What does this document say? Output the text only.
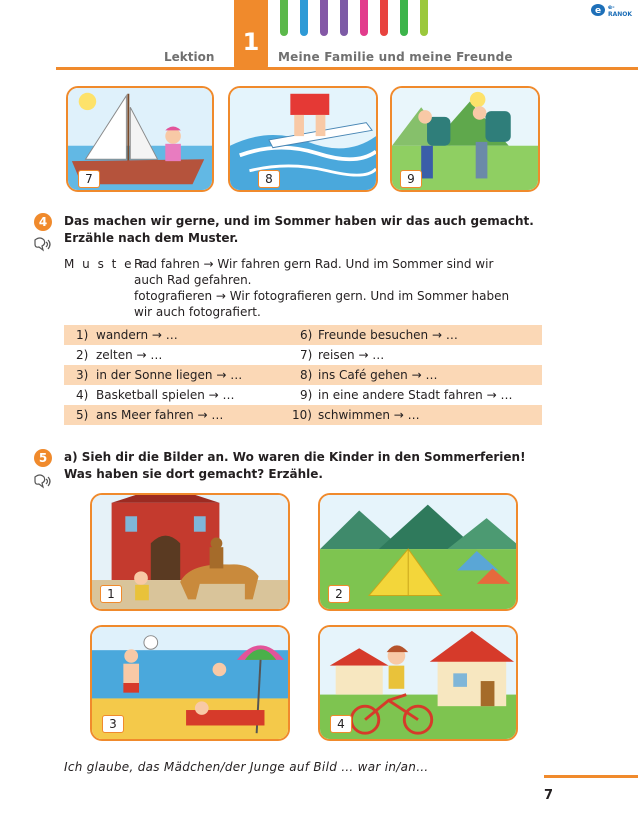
e e-RANOK
1
Lektion	Meine Familie und meine Freunde
7	8	9
4	Das machen wir gerne, und im Sommer haben wir das auch gemacht.
Erzähle nach dem Muster.
M u s t e r:
Rad fahren → Wir fahren gern Rad. Und im Sommer sind wir
auch Rad gefahren.
fotografieren → Wir fotografieren gern. Und im Sommer haben
wir auch fotografiert.
1) wandern → …	6) Freunde besuchen → …
2) zelten → …	7) reisen → …
3) in der Sonne liegen → …	8) ins Café gehen → …
4) Basketball spielen → …	9) in eine andere Stadt fahren → …
5) ans Meer fahren → …	10) schwimmen → …
5	a) Sieh dir die Bilder an. Wo waren die Kinder in den Sommerferien!
Was haben sie dort gemacht? Erzähle.
1	2
3	4
Ich glaube, das Mädchen/der Junge auf Bild … war in/an…
7
